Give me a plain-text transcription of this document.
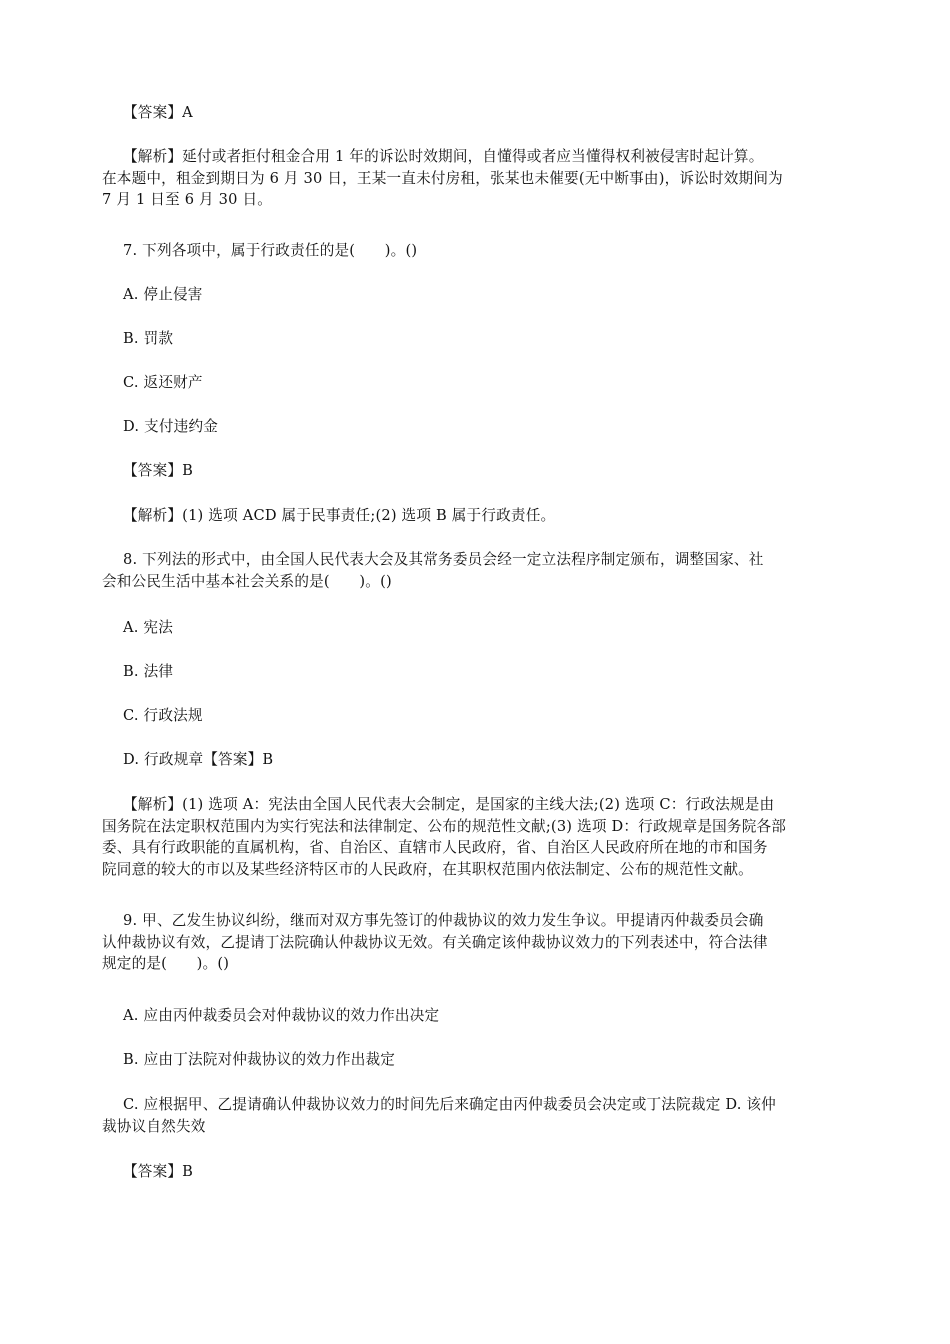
【答案】A

【解析】延付或者拒付租金合用 1 年的诉讼时效期间，自懂得或者应当懂得权利被侵害时起计算。
在本题中，租金到期日为 6 月 30 日，王某一直未付房租，张某也未催要(无中断事由)，诉讼时效期间为
7 月 1 日至 6 月 30 日。

7. 下列各项中，属于行政责任的是(　　)。()

A. 停止侵害

B. 罚款

C. 返还财产

D. 支付违约金

【答案】B

【解析】(1) 选项 ACD 属于民事责任;(2) 选项 B 属于行政责任。

8. 下列法的形式中，由全国人民代表大会及其常务委员会经一定立法程序制定颁布，调整国家、社
会和公民生活中基本社会关系的是(　　)。()

A. 宪法

B. 法律

C. 行政法规

D. 行政规章【答案】B

【解析】(1) 选项 A：宪法由全国人民代表大会制定，是国家的主线大法;(2) 选项 C：行政法规是由
国务院在法定职权范围内为实行宪法和法律制定、公布的规范性文献;(3) 选项 D：行政规章是国务院各部
委、具有行政职能的直属机构，省、自治区、直辖市人民政府，省、自治区人民政府所在地的市和国务
院同意的较大的市以及某些经济特区市的人民政府，在其职权范围内依法制定、公布的规范性文献。

9. 甲、乙发生协议纠纷，继而对双方事先签订的仲裁协议的效力发生争议。甲提请丙仲裁委员会确
认仲裁协议有效，乙提请丁法院确认仲裁协议无效。有关确定该仲裁协议效力的下列表述中，符合法律
规定的是(　　)。()

A. 应由丙仲裁委员会对仲裁协议的效力作出决定

B. 应由丁法院对仲裁协议的效力作出裁定

C. 应根据甲、乙提请确认仲裁协议效力的时间先后来确定由丙仲裁委员会决定或丁法院裁定 D. 该仲
裁协议自然失效

【答案】B
